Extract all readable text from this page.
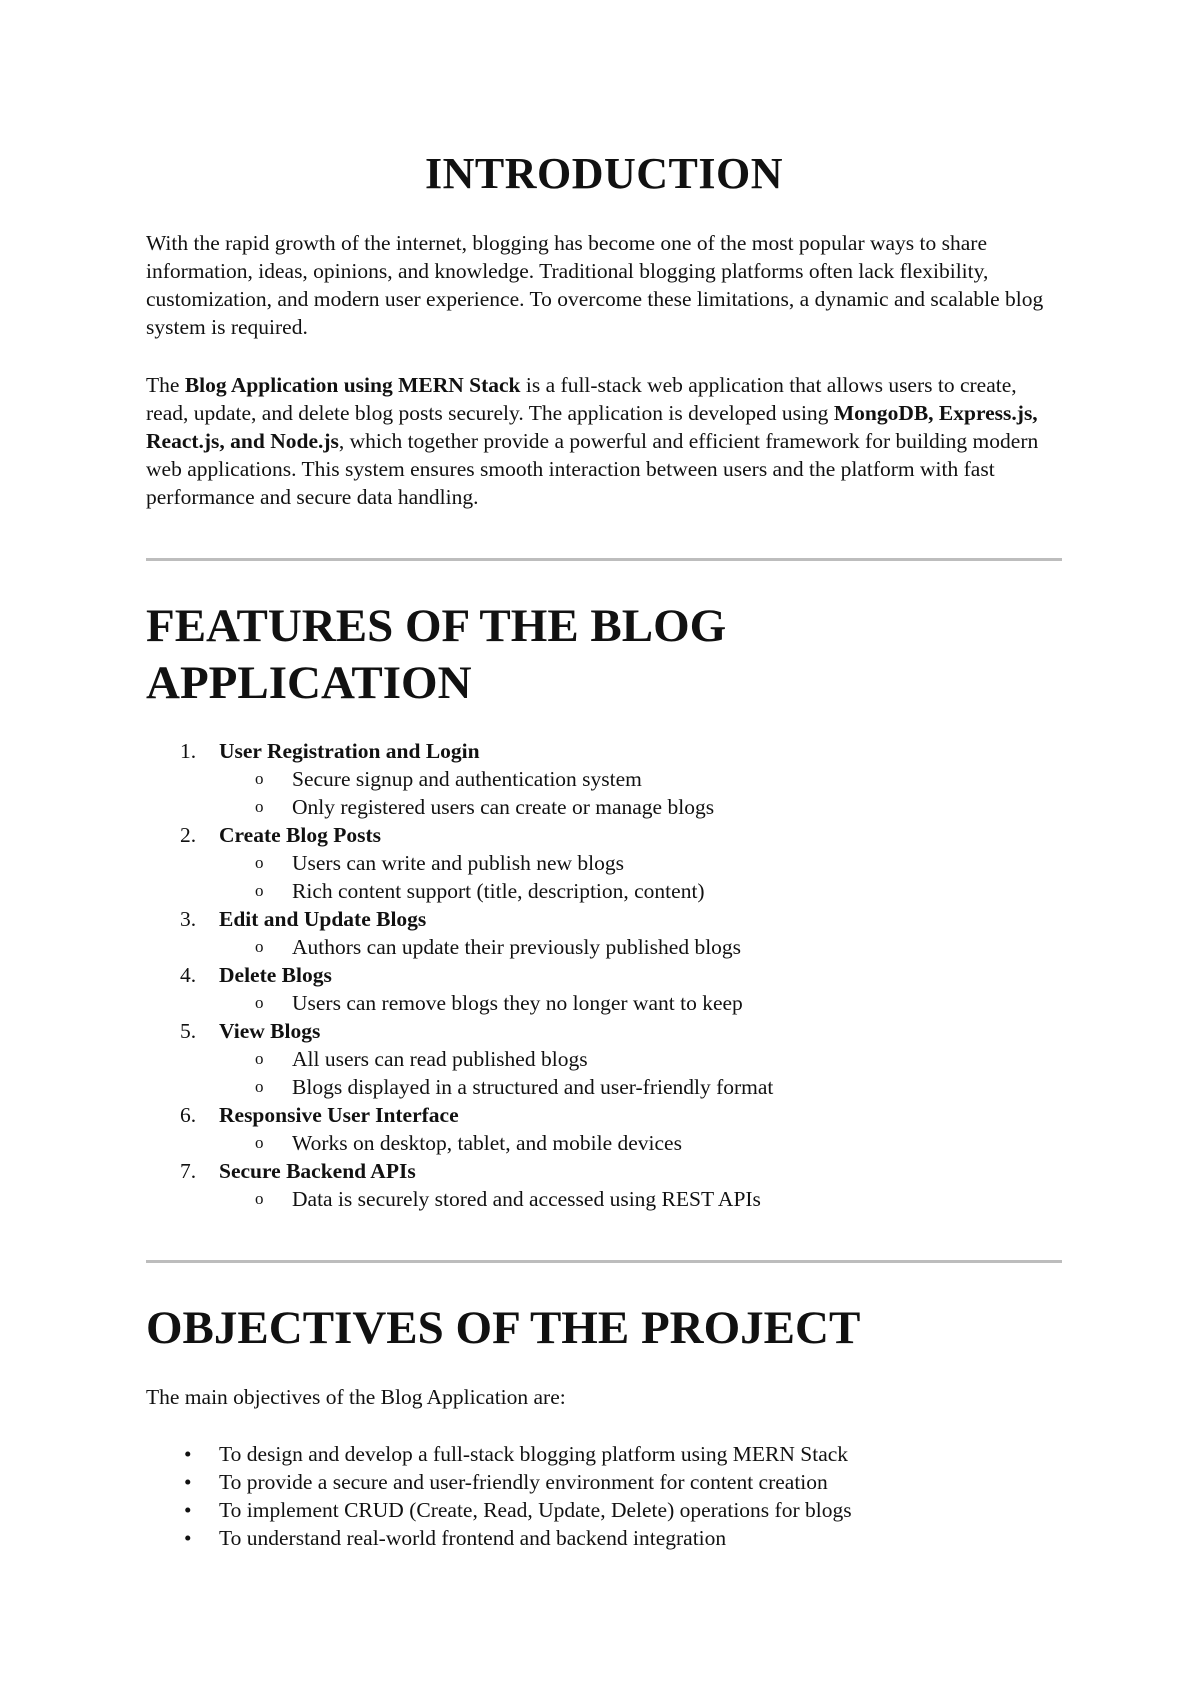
INTRODUCTION

With the rapid growth of the internet, blogging has become one of the most popular ways to share information, ideas, opinions, and knowledge. Traditional blogging platforms often lack flexibility, customization, and modern user experience. To overcome these limitations, a dynamic and scalable blog system is required.

The Blog Application using MERN Stack is a full-stack web application that allows users to create, read, update, and delete blog posts securely. The application is developed using MongoDB, Express.js, React.js, and Node.js, which together provide a powerful and efficient framework for building modern web applications. This system ensures smooth interaction between users and the platform with fast performance and secure data handling.

FEATURES OF THE BLOG APPLICATION
1. User Registration and Login
o Secure signup and authentication system
o Only registered users can create or manage blogs
2. Create Blog Posts
o Users can write and publish new blogs
o Rich content support (title, description, content)
3. Edit and Update Blogs
o Authors can update their previously published blogs
4. Delete Blogs
o Users can remove blogs they no longer want to keep
5. View Blogs
o All users can read published blogs
o Blogs displayed in a structured and user-friendly format
6. Responsive User Interface
o Works on desktop, tablet, and mobile devices
7. Secure Backend APIs
o Data is securely stored and accessed using REST APIs
OBJECTIVES OF THE PROJECT

The main objectives of the Blog Application are:

• To design and develop a full-stack blogging platform using MERN Stack
• To provide a secure and user-friendly environment for content creation
• To implement CRUD (Create, Read, Update, Delete) operations for blogs
• To understand real-world frontend and backend integration
